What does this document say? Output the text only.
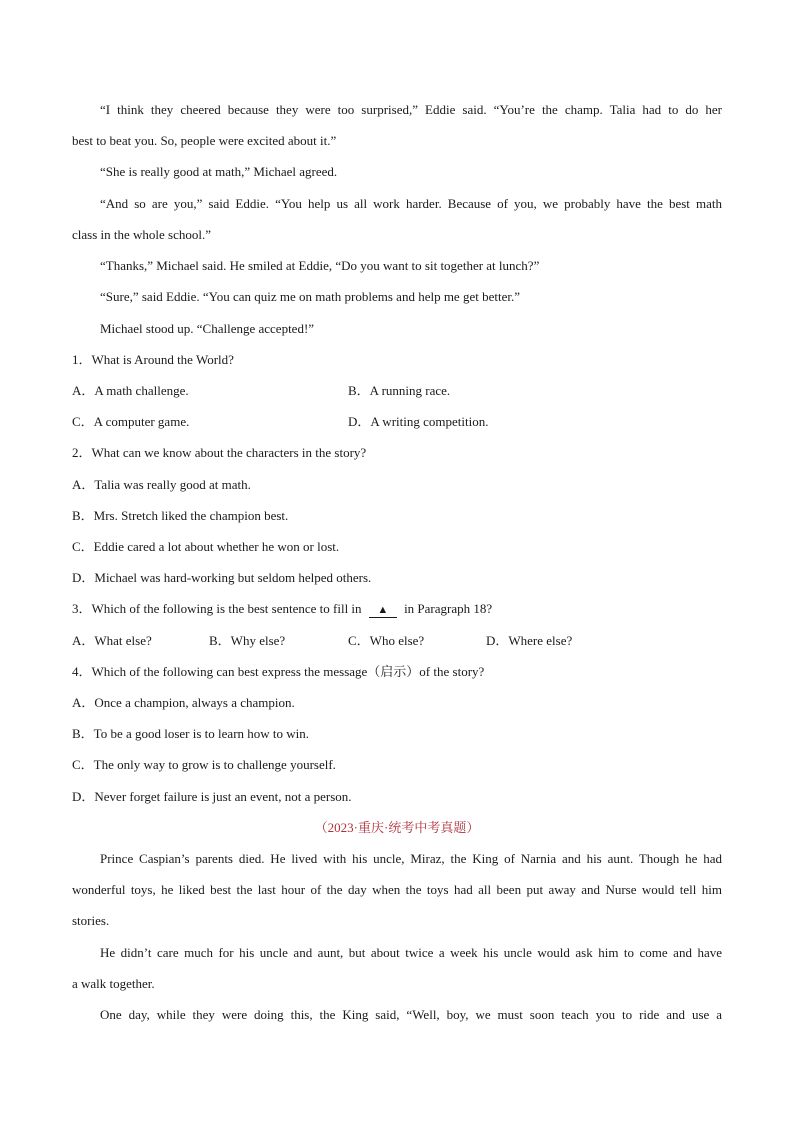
“I think they cheered because they were too surprised,” Eddie said. “You’re the champ. Talia had to do her
best to beat you. So, people were excited about it.”
“She is really good at math,” Michael agreed.
“And so are you,” said Eddie. “You help us all work harder. Because of you, we probably have the best math
class in the whole school.”
“Thanks,” Michael said. He smiled at Eddie, “Do you want to sit together at lunch?”
“Sure,” said Eddie. “You can quiz me on math problems and help me get better.”
Michael stood up. “Challenge accepted!”
1．What is Around the World?
A．A math challenge.	B．A running race.
C．A computer game.	D．A writing competition.
2．What can we know about the characters in the story?
A．Talia was really good at math.
B．Mrs. Stretch liked the champion best.
C．Eddie cared a lot about whether he won or lost.
D．Michael was hard-working but seldom helped others.
3．Which of the following is the best sentence to fill in ▲ in Paragraph 18?
A．What else?	B．Why else?	C．Who else?	D．Where else?
4．Which of the following can best express the message（启示）of the story?
A．Once a champion, always a champion.
B．To be a good loser is to learn how to win.
C．The only way to grow is to challenge yourself.
D．Never forget failure is just an event, not a person.
（2023·重庆·统考中考真题）
Prince Caspian’s parents died. He lived with his uncle, Miraz, the King of Narnia and his aunt. Though he had
wonderful toys, he liked best the last hour of the day when the toys had all been put away and Nurse would tell him
stories.
He didn’t care much for his uncle and aunt, but about twice a week his uncle would ask him to come and have
a walk together.
One day, while they were doing this, the King said, “Well, boy, we must soon teach you to ride and use a
